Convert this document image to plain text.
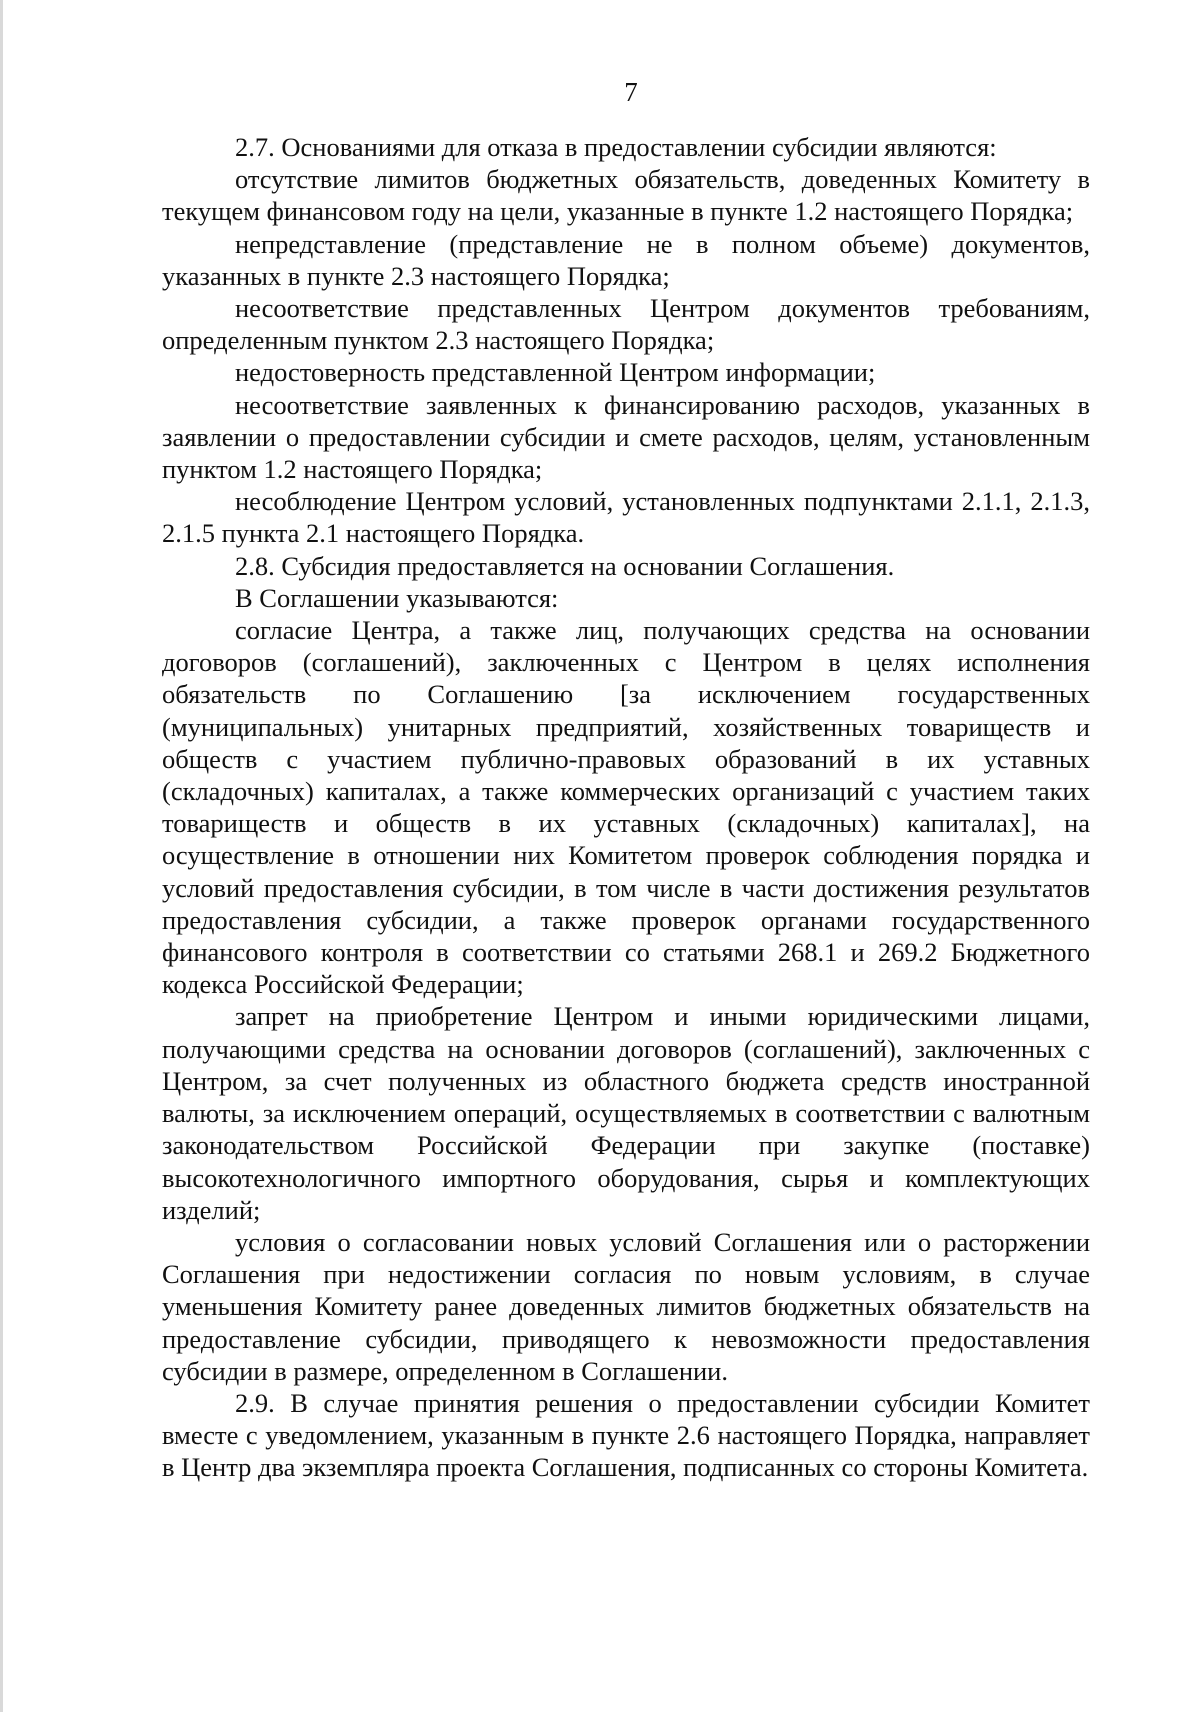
7

2.7. Основаниями для отказа в предоставлении субсидии являются:

отсутствие лимитов бюджетных обязательств, доведенных Комитету в текущем финансовом году на цели, указанные в пункте 1.2 настоящего Порядка;

непредставление (представление не в полном объеме) документов, указанных в пункте 2.3 настоящего Порядка;

несоответствие представленных Центром документов требованиям, определенным пунктом 2.3 настоящего Порядка;

недостоверность представленной Центром информации;

несоответствие заявленных к финансированию расходов, указанных в заявлении о предоставлении субсидии и смете расходов, целям, установленным пунктом 1.2 настоящего Порядка;

несоблюдение Центром условий, установленных подпунктами 2.1.1, 2.1.3, 2.1.5 пункта 2.1 настоящего Порядка.

2.8. Субсидия предоставляется на основании Соглашения.

В Соглашении указываются:

согласие Центра, а также лиц, получающих средства на основании договоров (соглашений), заключенных с Центром в целях исполнения обязательств по Соглашению [за исключением государственных (муниципальных) унитарных предприятий, хозяйственных товариществ и обществ с участием публично-правовых образований в их уставных (складочных) капиталах, а также коммерческих организаций с участием таких товариществ и обществ в их уставных (складочных) капиталах], на осуществление в отношении них Комитетом проверок соблюдения порядка и условий предоставления субсидии, в том числе в части достижения результатов предоставления субсидии, а также проверок органами государственного финансового контроля в соответствии со статьями 268.1 и 269.2 Бюджетного кодекса Российской Федерации;

запрет на приобретение Центром и иными юридическими лицами, получающими средства на основании договоров (соглашений), заключенных с Центром, за счет полученных из областного бюджета средств иностранной валюты, за исключением операций, осуществляемых в соответствии с валютным законодательством Российской Федерации при закупке (поставке) высокотехнологичного импортного оборудования, сырья и комплектующих изделий;

условия о согласовании новых условий Соглашения или о расторжении Соглашения при недостижении согласия по новым условиям, в случае уменьшения Комитету ранее доведенных лимитов бюджетных обязательств на предоставление субсидии, приводящего к невозможности предоставления субсидии в размере, определенном в Соглашении.

2.9. В случае принятия решения о предоставлении субсидии Комитет вместе с уведомлением, указанным в пункте 2.6 настоящего Порядка, направляет в Центр два экземпляра проекта Соглашения, подписанных со стороны Комитета.
